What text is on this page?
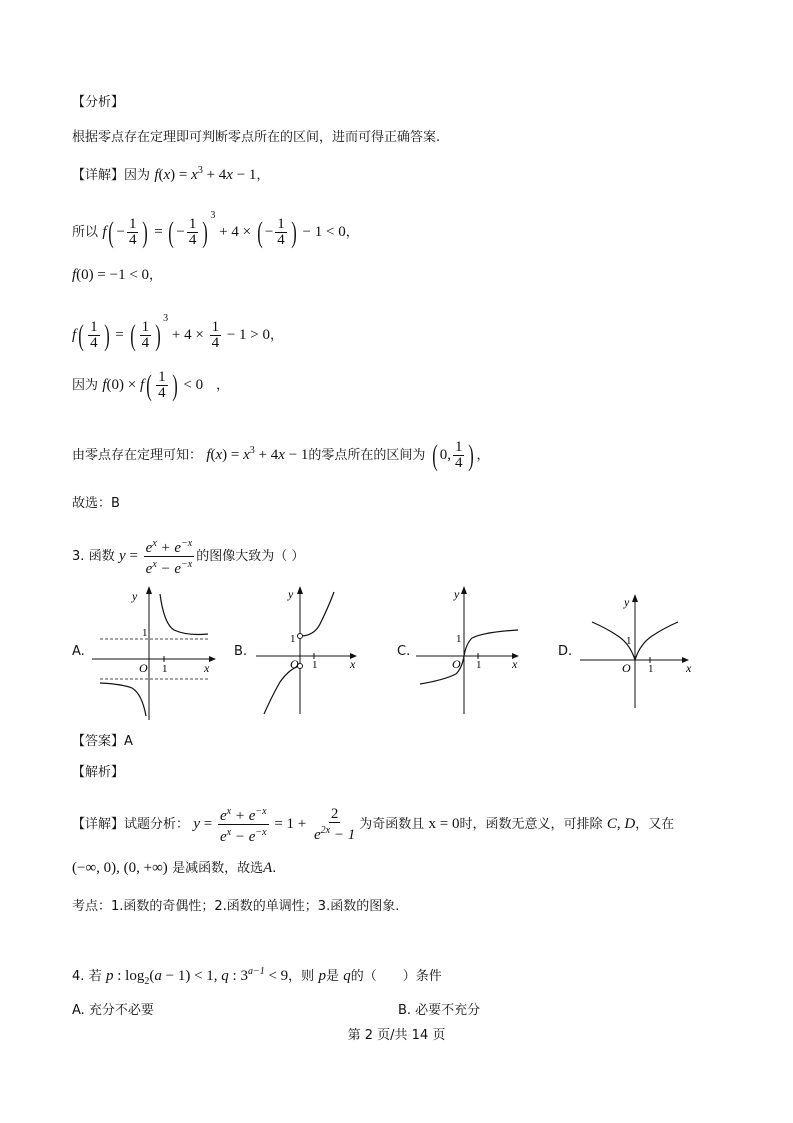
【分析】
根据零点存在定理即可判断零点所在的区间，进而可得正确答案.
【详解】因为 $f(x) = x^3 + 4x - 1$，
所以 $f( - \frac{1}{4}$ ) = ( − $\frac{1}{4} )^3 + 4$ × ( − $\frac{1}{4}$ ) − 1 < 0，
f(0) = −1 < 0，
$f( \frac{1}{4}$ ) = ( $\frac{1}{4} )^3 + 4 \times \frac{1}{4} - 1 > 0$，
因为 $f(0) \times f( \frac{1}{4}$ ) < 0　，
由零点存在定理可知： $f(x) = x^3 + 4x - 1$的零点所在的区间为 ( 0, $\frac{1}{4}$ ) ，
故选：B
3. 函数 $y = \frac{e^x + e^{-x}}{e^x - e^{-x}}$ 的图像大致为（ ）
A.	B.	C.	D.
y
1
O 1	x
y
1
O 1	x
y
1
O 1	x
y
1
O 1	x
【答案】A
【解析】
【详解】试题分析： $y = \frac{e^x + e^{-x}}{e^x - e^{-x}} = 1 + \frac{2}{e^{2x} - 1}$ 为奇函数且 x = 0时，函数无意义，可排除 C, D，又在
(−∞, 0), (0, +∞) 是减函数，故选A.
考点：1.函数的奇偶性；2.函数的单调性；3.函数的图象.
4. 若 p : $\log_2(a - 1) < 1$, q : $3^{a-1} < 9$，则 p是 q的（　　）条件
A. 充分不必要	B. 必要不充分
第 2 页/共 14 页
